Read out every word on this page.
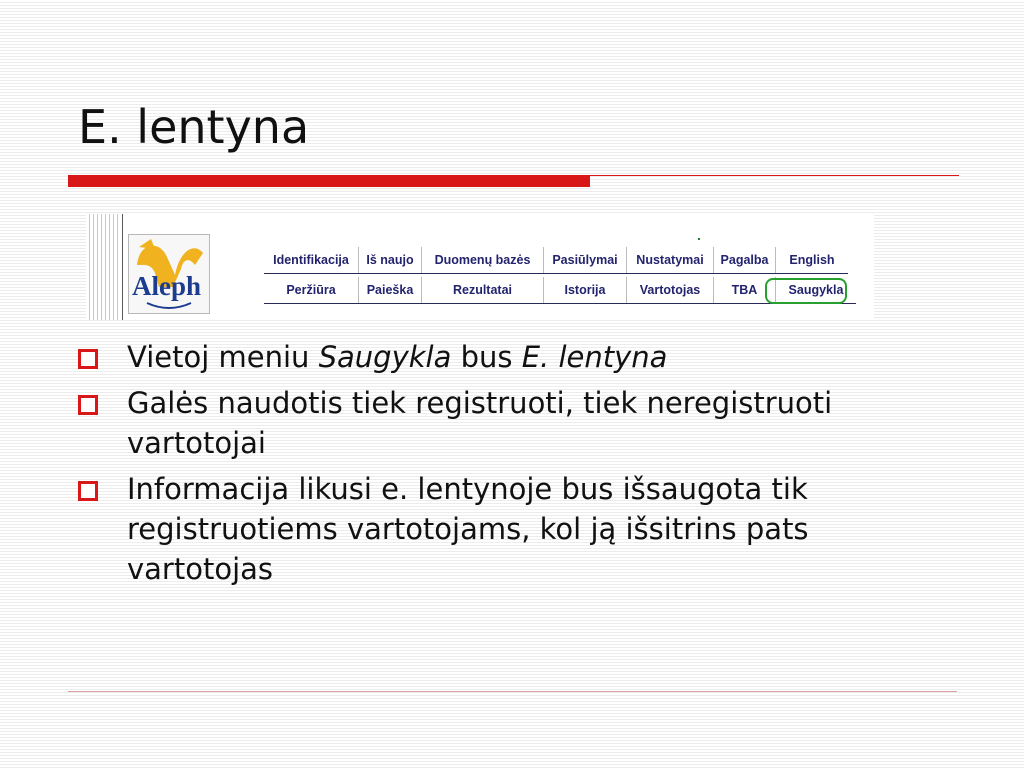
E. lentyna
Aleph
Identifikacija	Iš naujo	Duomenų bazės	Pasiūlymai	Nustatymai	Pagalba	English
Peržiūra	Paieška	Rezultatai	Istorija	Vartotojas	TBA	Saugykla
Vietoj meniu Saugykla bus E. lentyna
Galės naudotis tiek registruoti, tiek neregistruoti vartotojai
Informacija likusi e. lentynoje bus išsaugota tik registruotiems vartotojams, kol ją išsitrins pats vartotojas
